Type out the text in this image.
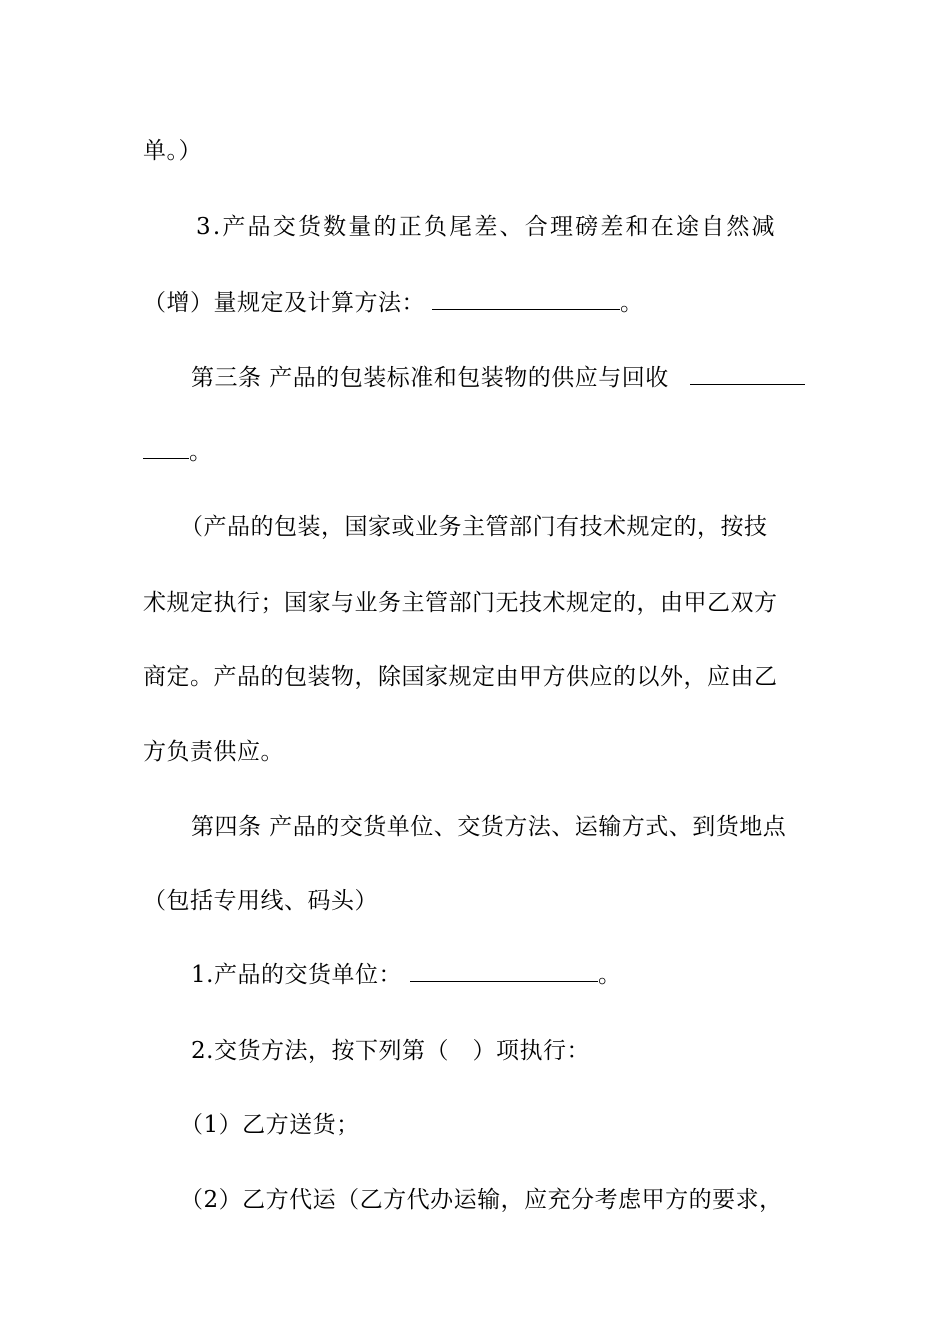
单。）
3.产品交货数量的正负尾差、合理磅差和在途自然减
（增）量规定及计算方法：	。
第三条 产品的包装标准和包装物的供应与回收
。
（产品的包装，国家或业务主管部门有技术规定的，按技
术规定执行；国家与业务主管部门无技术规定的，由甲乙双方
商定。产品的包装物，除国家规定由甲方供应的以外，应由乙
方负责供应。
第四条 产品的交货单位、交货方法、运输方式、到货地点
（包括专用线、码头）
1.产品的交货单位：	。
2.交货方法，按下列第（　）项执行：
（1）乙方送货；
（2）乙方代运（乙方代办运输，应充分考虑甲方的要求，
